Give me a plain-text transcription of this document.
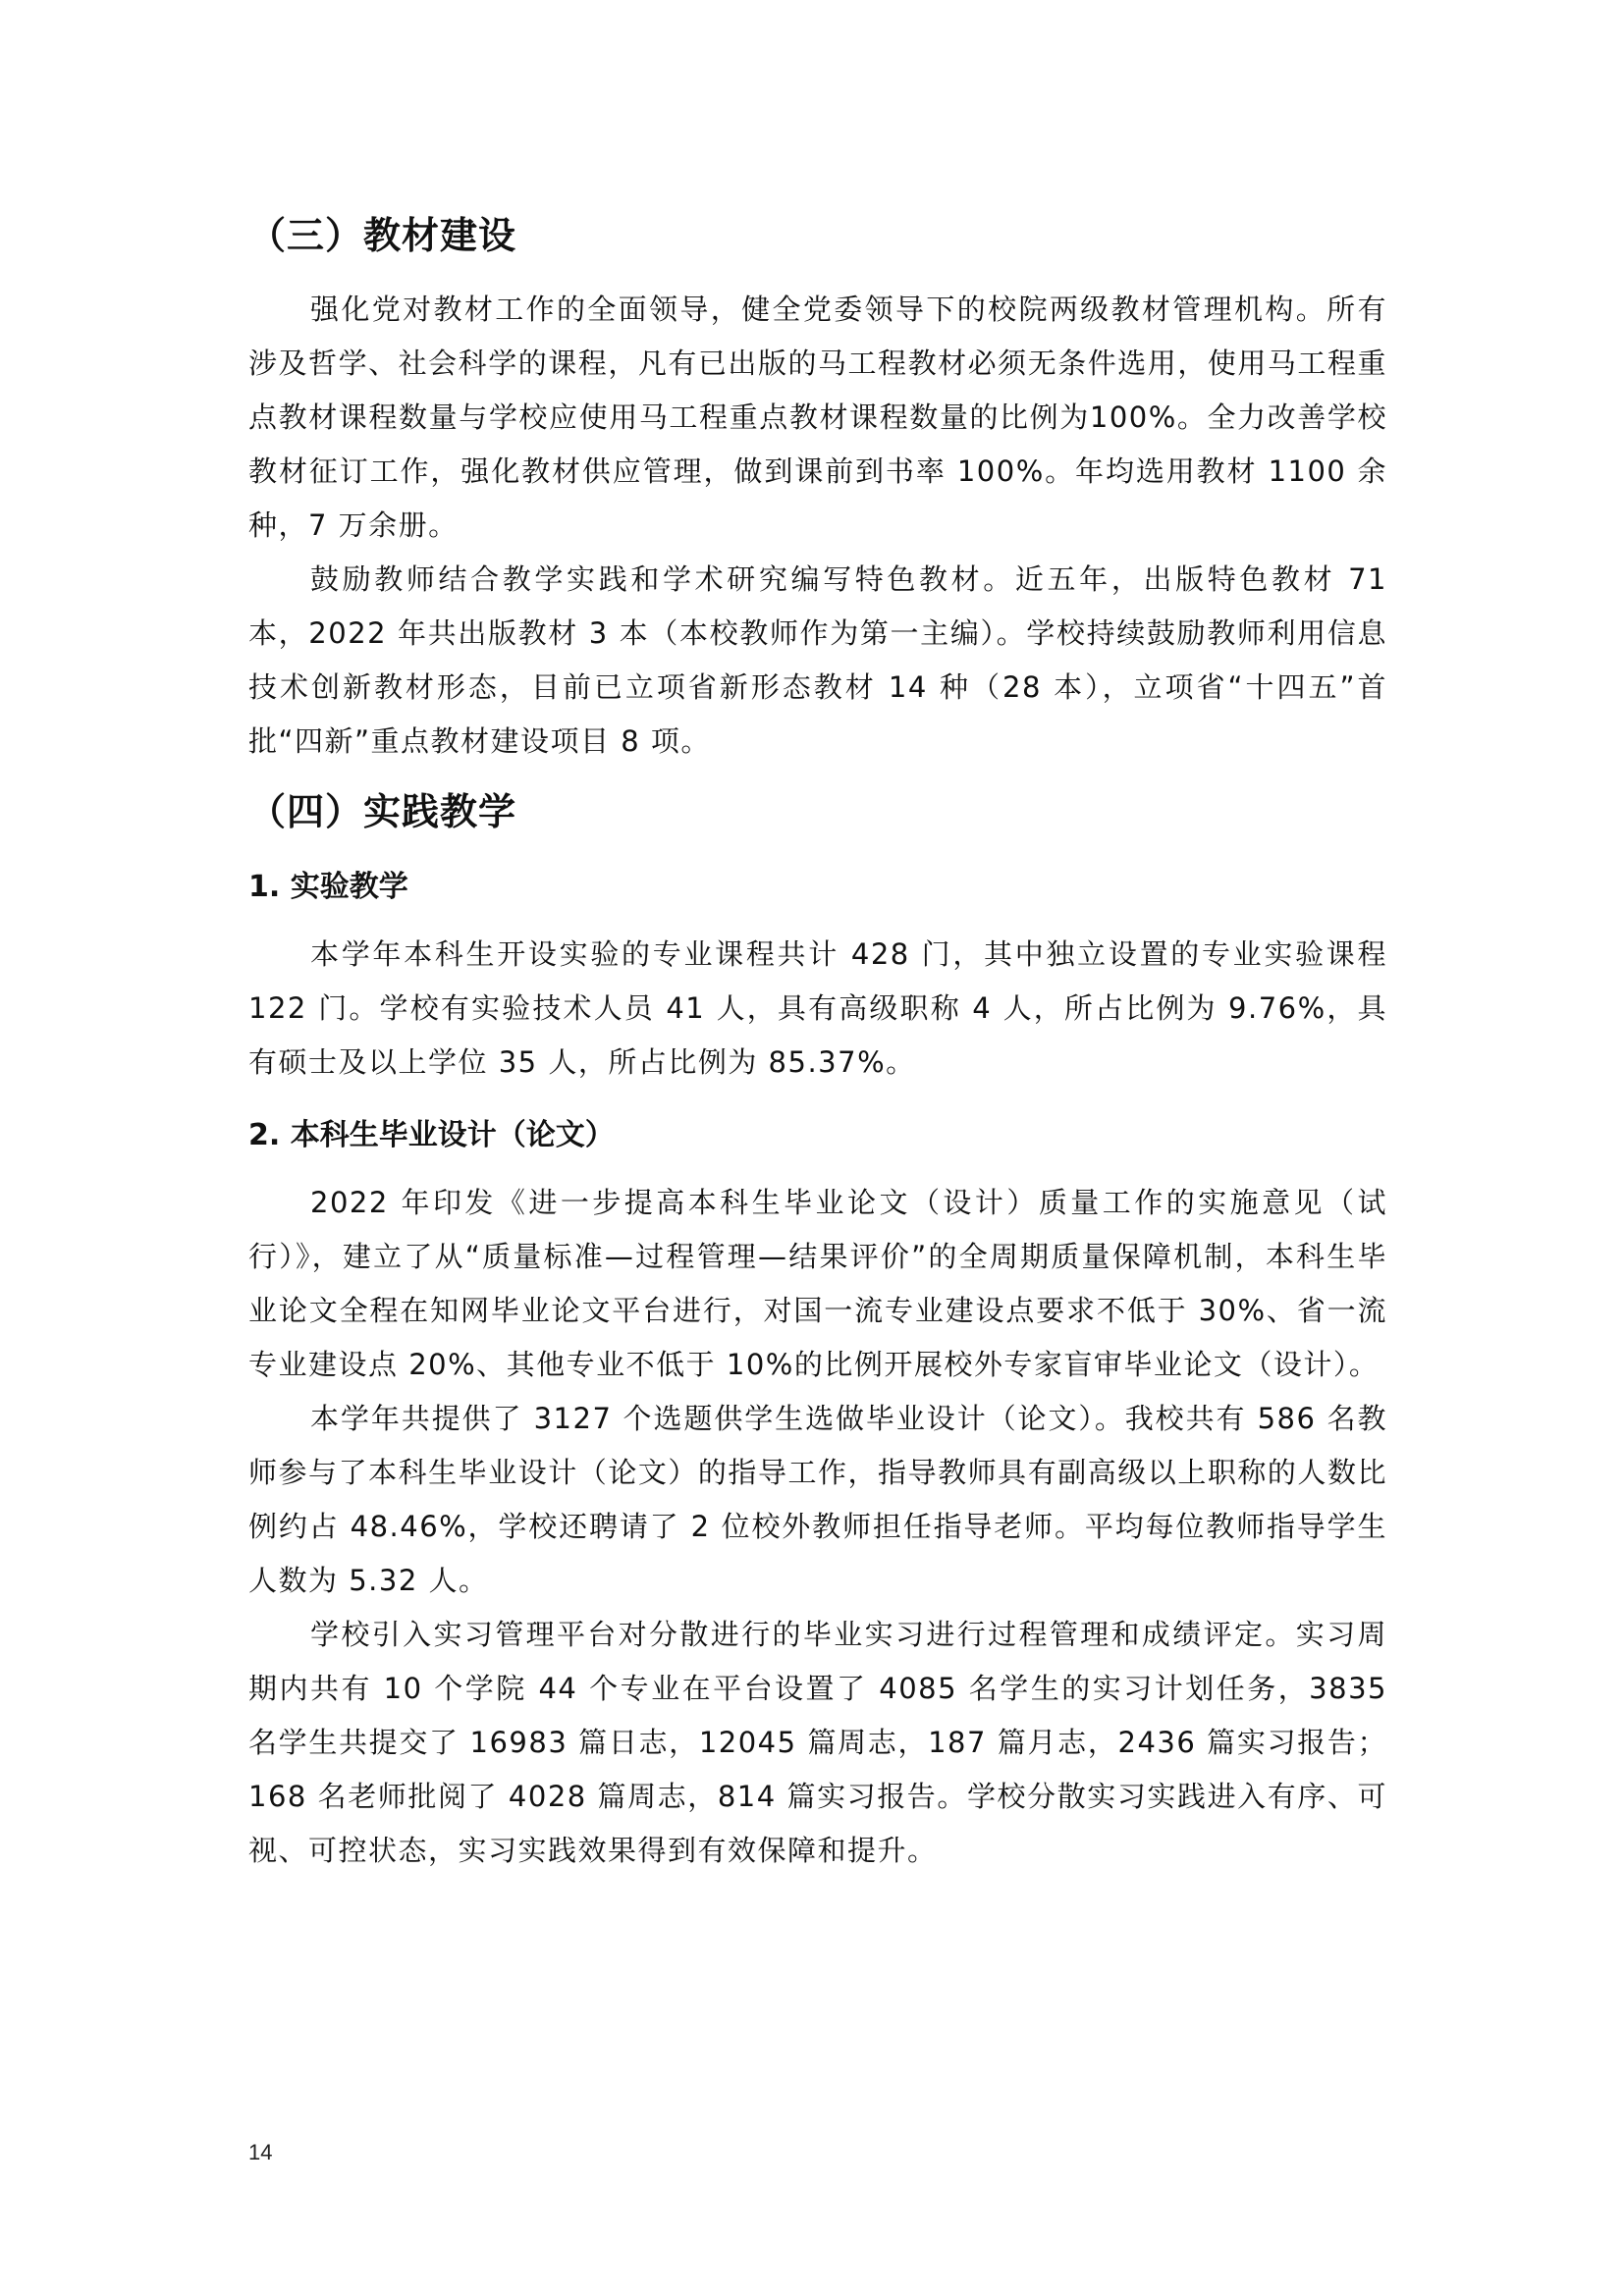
（三）教材建设

强化党对教材工作的全面领导，健全党委领导下的校院两级教材管理机构。所有涉及哲学、社会科学的课程，凡有已出版的马工程教材必须无条件选用，使用马工程重点教材课程数量与学校应使用马工程重点教材课程数量的比例为100%。全力改善学校教材征订工作，强化教材供应管理，做到课前到书率 100%。年均选用教材 1100 余种，7 万余册。

鼓励教师结合教学实践和学术研究编写特色教材。近五年，出版特色教材 71 本，2022 年共出版教材 3 本（本校教师作为第一主编）。学校持续鼓励教师利用信息技术创新教材形态，目前已立项省新形态教材 14 种（28 本），立项省“十四五”首批“四新”重点教材建设项目 8 项。

（四）实践教学
1. 实验教学

本学年本科生开设实验的专业课程共计 428 门，其中独立设置的专业实验课程 122 门。学校有实验技术人员 41 人，具有高级职称 4 人，所占比例为 9.76%，具有硕士及以上学位 35 人，所占比例为 85.37%。

2. 本科生毕业设计（论文）

2022 年印发《进一步提高本科生毕业论文（设计）质量工作的实施意见（试行）》，建立了从“质量标准—过程管理—结果评价”的全周期质量保障机制，本科生毕业论文全程在知网毕业论文平台进行，对国一流专业建设点要求不低于 30%、省一流专业建设点 20%、其他专业不低于 10%的比例开展校外专家盲审毕业论文（设计）。

本学年共提供了 3127 个选题供学生选做毕业设计（论文）。我校共有 586 名教师参与了本科生毕业设计（论文）的指导工作，指导教师具有副高级以上职称的人数比例约占 48.46%，学校还聘请了 2 位校外教师担任指导老师。平均每位教师指导学生人数为 5.32 人。

学校引入实习管理平台对分散进行的毕业实习进行过程管理和成绩评定。实习周期内共有 10 个学院 44 个专业在平台设置了 4085 名学生的实习计划任务，3835 名学生共提交了 16983 篇日志，12045 篇周志，187 篇月志，2436 篇实习报告；168 名老师批阅了 4028 篇周志，814 篇实习报告。学校分散实习实践进入有序、可视、可控状态，实习实践效果得到有效保障和提升。

14
